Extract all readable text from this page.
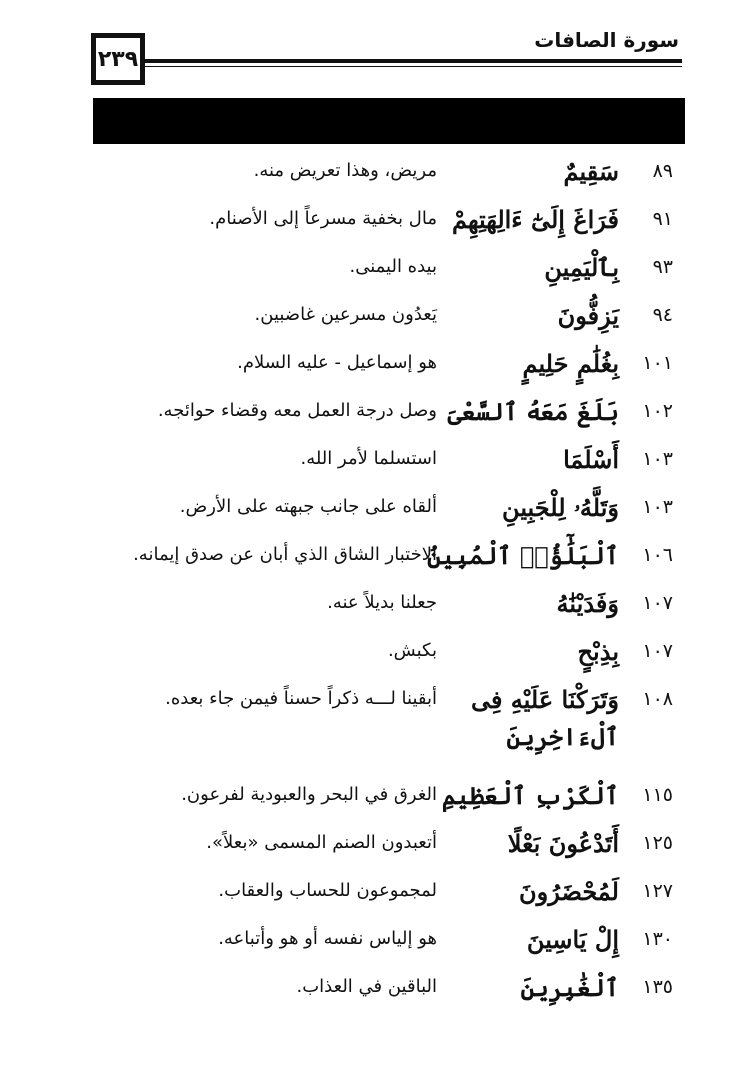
٢٣٩
سورة الصافات
٨٩
سَقِيمٌ
مريض، وهذا تعريض منه.
٩١
فَرَاغَ إِلَىٰٓ ءَالِهَتِهِمْ
مال بخفية مسرعاً إلى الأصنام.
٩٣
بِٱلْيَمِينِ
بيده اليمنى.
٩٤
يَزِفُّونَ
يَعدُون مسرعين غاضبين.
١٠١
بِغُلَٰمٍ حَلِيمٍ
هو إسماعيل - عليه السلام.
١٠٢
بَلَغَ مَعَهُ ٱلسَّعْىَ
وصل درجة العمل معه وقضاء حوائجه.
١٠٣
أَسْلَمَا
استسلما لأمر الله.
١٠٣
وَتَلَّهُۥ لِلْجَبِينِ
ألقاه على جانب جبهته على الأرض.
١٠٦
ٱلْبَلَٰٓؤُا۟ ٱلْمُبِينُ
الاختبار الشاق الذي أبان عن صدق إيمانه.
١٠٧
وَفَدَيْنَٰهُ
جعلنا بديلاً عنه.
١٠٧
بِذِبْحٍ
بكبش.
١٠٨
وَتَرَكْنَا عَلَيْهِ فِى
ٱلْءَاخِرِينَ
أبقينا لـــه ذكراً حسناً فيمن جاء بعده.
١١٥
ٱلْكَرْبِ ٱلْعَظِيمِ
الغرق في البحر والعبودية لفرعون.
١٢٥
أَتَدْعُونَ بَعْلًا
أتعبدون الصنم المسمى «بعلاً».
١٢٧
لَمُحْضَرُونَ
لمجموعون للحساب والعقاب.
١٣٠
إِلْ يَاسِينَ
هو إلياس نفسه أو هو وأتباعه.
١٣٥
ٱلْغَٰبِرِينَ
الباقين في العذاب.
